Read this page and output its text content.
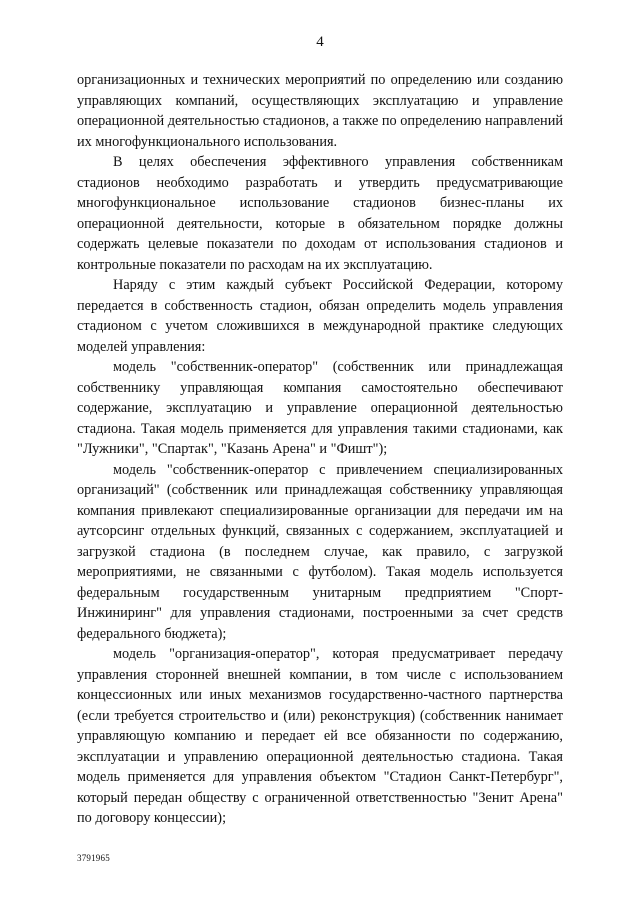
4

организационных и технических мероприятий по определению или созданию управляющих компаний, осуществляющих эксплуатацию и управление операционной деятельностью стадионов, а также по определению направлений их многофункционального использования.

В целях обеспечения эффективного управления собственникам стадионов необходимо разработать и утвердить предусматривающие многофункциональное использование стадионов бизнес-планы их операционной деятельности, которые в обязательном порядке должны содержать целевые показатели по доходам от использования стадионов и контрольные показатели по расходам на их эксплуатацию.

Наряду с этим каждый субъект Российской Федерации, которому передается в собственность стадион, обязан определить модель управления стадионом с учетом сложившихся в международной практике следующих моделей управления:

модель "собственник-оператор" (собственник или принадлежащая собственнику управляющая компания самостоятельно обеспечивают содержание, эксплуатацию и управление операционной деятельностью стадиона. Такая модель применяется для управления такими стадионами, как "Лужники", "Спартак", "Казань Арена" и "Фишт");

модель "собственник-оператор с привлечением специализированных организаций" (собственник или принадлежащая собственнику управляющая компания привлекают специализированные организации для передачи им на аутсорсинг отдельных функций, связанных с содержанием, эксплуатацией и загрузкой стадиона (в последнем случае, как правило, с загрузкой мероприятиями, не связанными с футболом). Такая модель используется федеральным государственным унитарным предприятием "Спорт-Инжиниринг" для управления стадионами, построенными за счет средств федерального бюджета);

модель "организация-оператор", которая предусматривает передачу управления сторонней внешней компании, в том числе с использованием концессионных или иных механизмов государственно-частного партнерства (если требуется строительство и (или) реконструкция) (собственник нанимает управляющую компанию и передает ей все обязанности по содержанию, эксплуатации и управлению операционной деятельностью стадиона. Такая модель применяется для управления объектом "Стадион Санкт-Петербург", который передан обществу с ограниченной ответственностью "Зенит Арена" по договору концессии);

3791965
